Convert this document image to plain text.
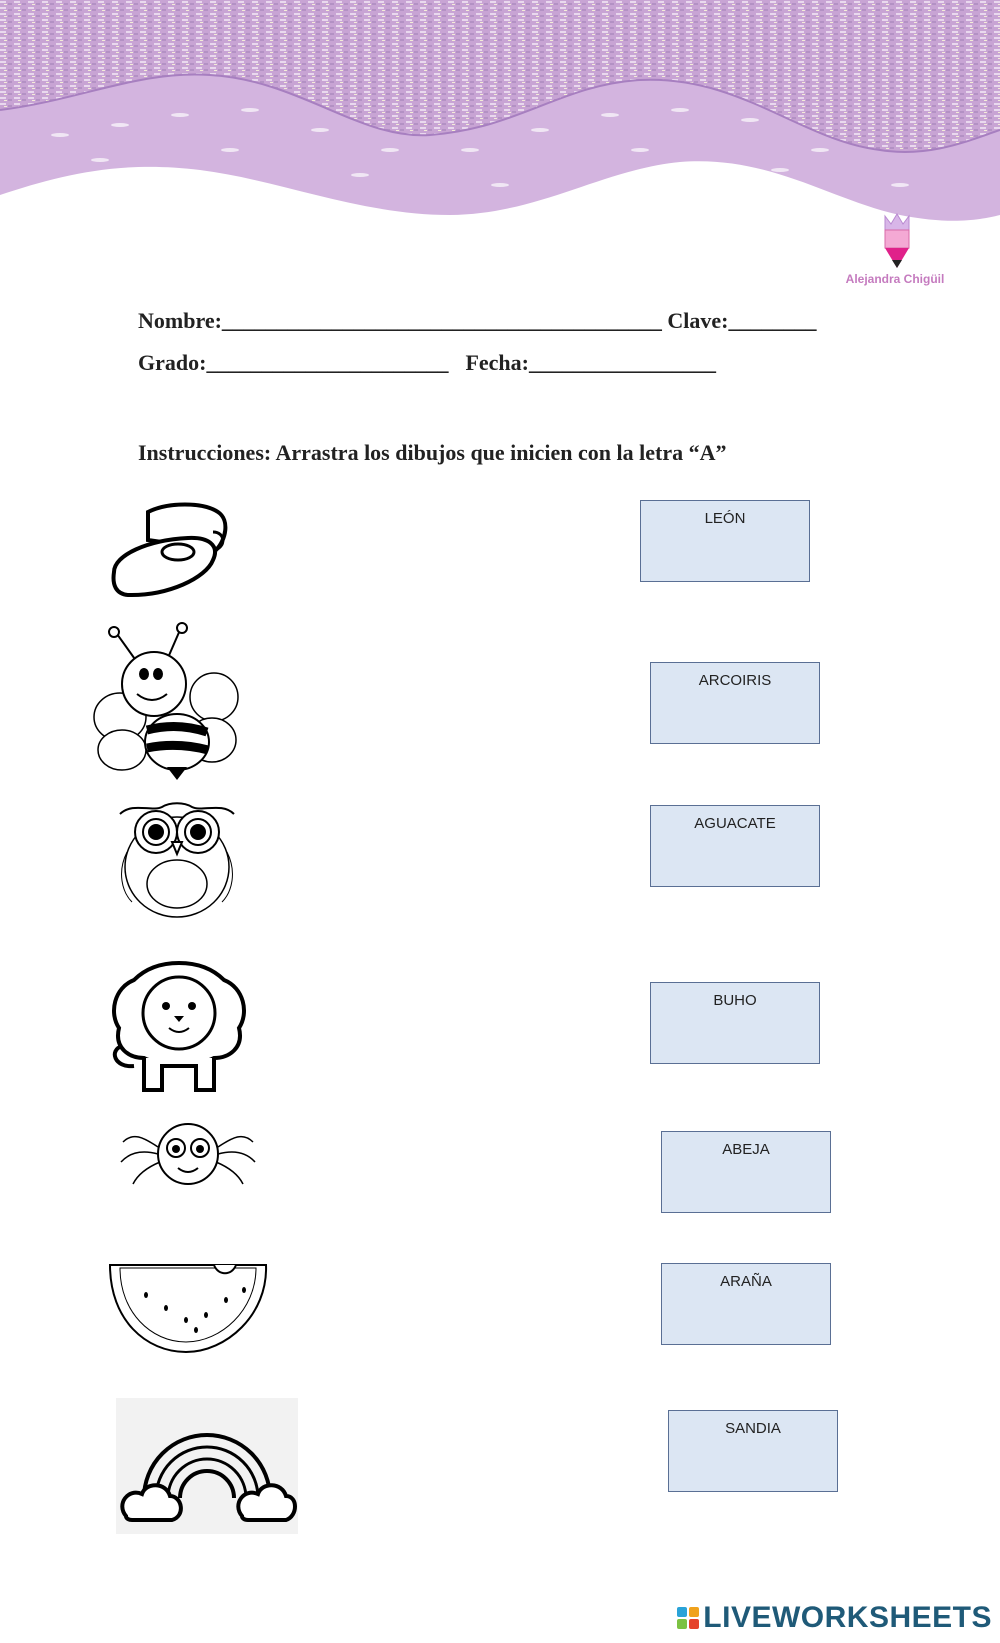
Alejandra Chigüil
Nombre:________________________________________ Clave:________
Grado:______________________ Fecha:_________________
Instrucciones: Arrastra los dibujos que inicien con la letra “A”
LEÓN
ARCOIRIS
AGUACATE
BUHO
ABEJA
ARAÑA
SANDIA
LIVEWORKSHEETS
